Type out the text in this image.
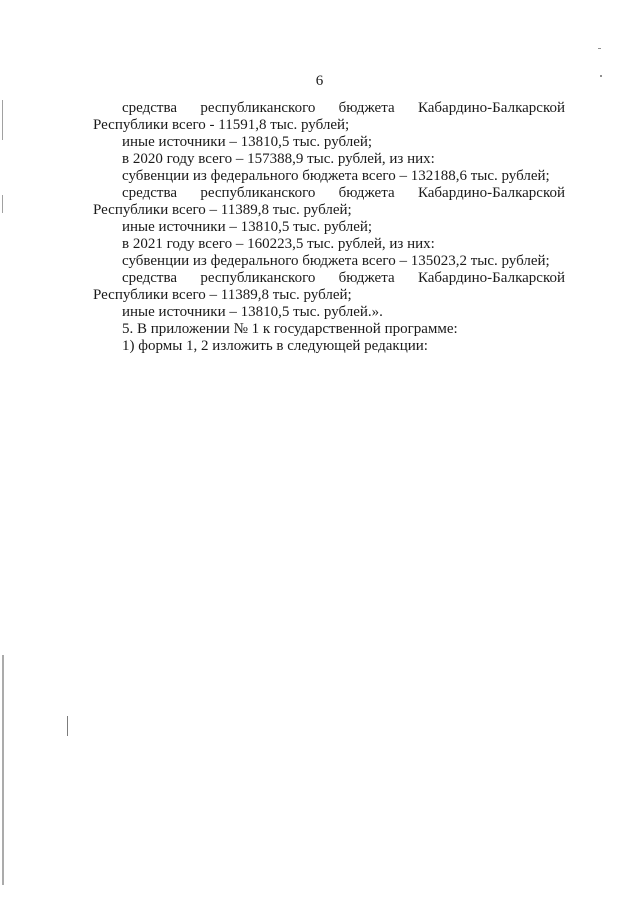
6
средства республиканского бюджета Кабардино-Балкарской
Республики всего - 11591,8 тыс. рублей;
иные источники – 13810,5 тыс. рублей;
в 2020 году всего – 157388,9 тыс. рублей, из них:
субвенции из федерального бюджета всего – 132188,6 тыс. рублей;
средства республиканского бюджета Кабардино-Балкарской
Республики всего – 11389,8 тыс. рублей;
иные источники – 13810,5 тыс. рублей;
в 2021 году всего – 160223,5 тыс. рублей, из них:
субвенции из федерального бюджета всего – 135023,2 тыс. рублей;
средства республиканского бюджета Кабардино-Балкарской
Республики всего – 11389,8 тыс. рублей;
иные источники – 13810,5 тыс. рублей.».
5. В приложении № 1 к государственной программе:
1) формы 1, 2 изложить в следующей редакции:
